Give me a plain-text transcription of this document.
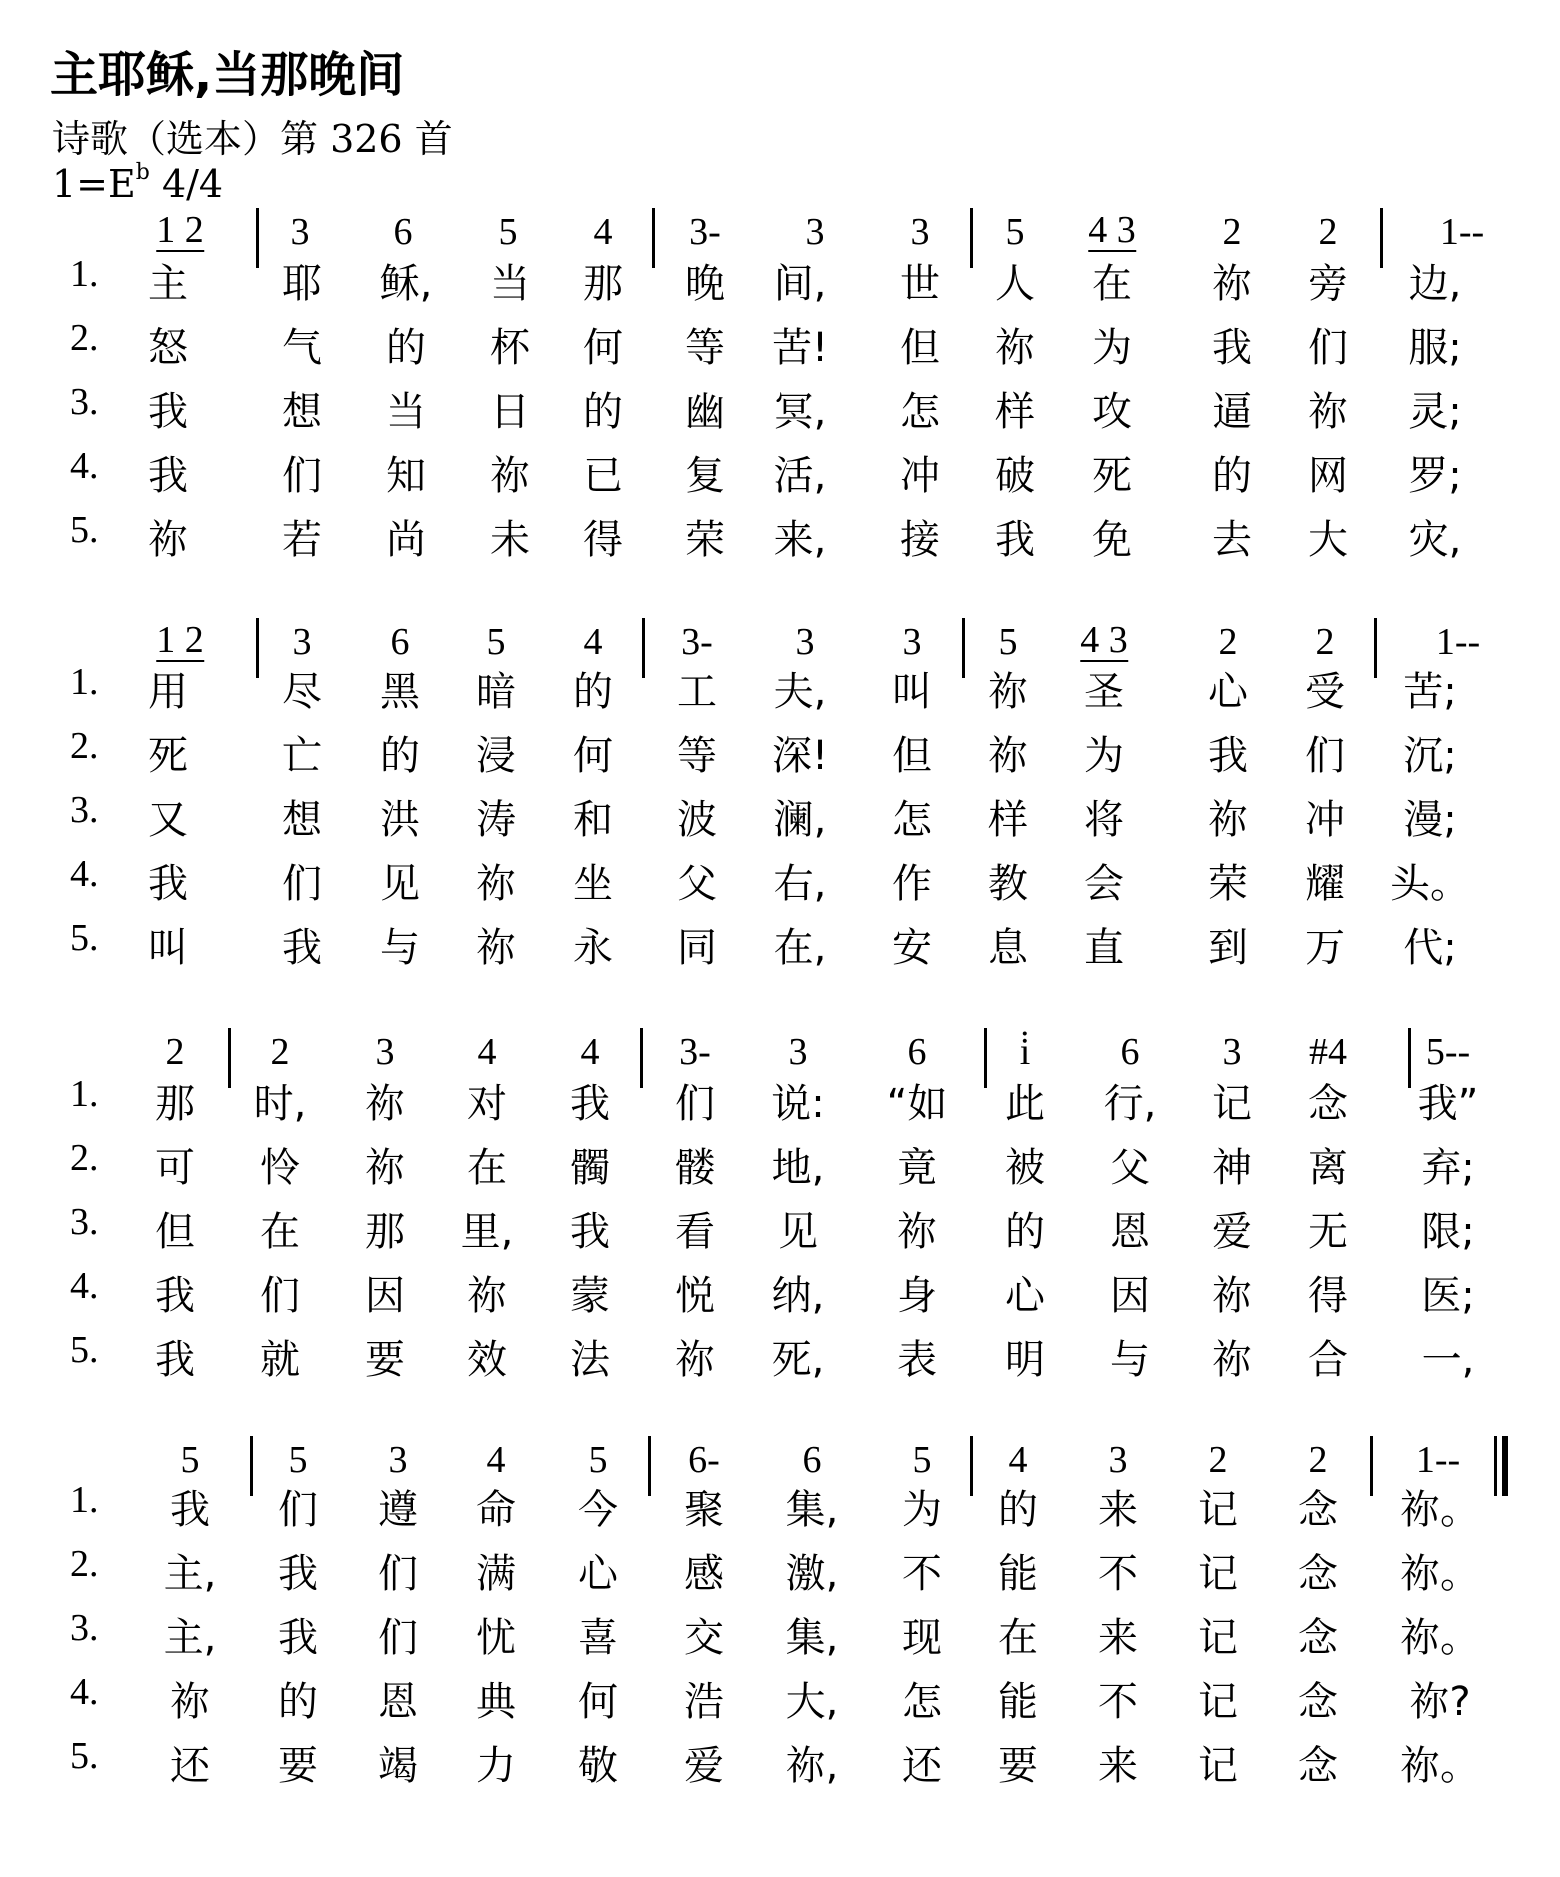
主耶稣,当那晚间
诗歌（选本）第 326 首
$1=E^b$ 4/4
1 2 3 6 5 4 3- 3 3 5 4 3 2 2	1--
1. 主 耶 稣, 当 那 晚 间, 世 人 在 祢 旁 边,
2. 怒 气 的 杯 何 等 苦! 但 祢 为 我 们 服;
3. 我 想 当 日 的 幽 冥, 怎 样 攻 逼 祢 灵;
4. 我 们 知 祢 已 复 活, 冲 破 死 的 网 罗;
5. 祢 若 尚 未 得 荣 来, 接 我 免 去 大 灾,
1 2 3 6 5 4 3- 3 3 5 4 3 2 2	1--
1. 用 尽 黑 暗 的 工 夫, 叫 祢 圣 心 受 苦;
2. 死 亡 的 浸 何 等 深! 但 祢 为 我 们 沉;
3. 又 想 洪 涛 和 波 澜, 怎 样 将 祢 冲 漫;
4. 我 们 见 祢 坐 父 右, 作 教 会 荣 耀 头。
5. 叫 我 与 祢 永 同 在, 安 息 直 到 万 代;
2 2 3 4 4 3- 3	6 i̇ 6 3 #4 5--
1. 那 时, 祢 对 我 们 说: “如 此 行, 记 念 我”
2. 可 怜 祢 在 髑 髅 地, 竟 被 父 神 离 弃;
3. 但 在 那 里, 我 看 见 祢 的 恩 爱 无 限;
4. 我 们 因 祢 蒙 悦 纳, 身 心 因 祢 得 医;
5. 我 就 要 效 法 祢 死, 表 明 与 祢 合 一,
5 5 3 4 5 6- 6 5 4 3 2 2 1--
1. 我 们 遵 命 今 聚 集, 为 的 来 记 念 祢。
2. 主, 我 们 满 心 感 激, 不 能 不 记 念 祢。
3. 主, 我 们 忧 喜 交 集, 现 在 来 记 念 祢。
4. 祢 的 恩 典 何 浩 大, 怎 能 不 记 念 祢?
5. 还 要 竭 力 敬 爱 祢, 还 要 来 记 念 祢。
